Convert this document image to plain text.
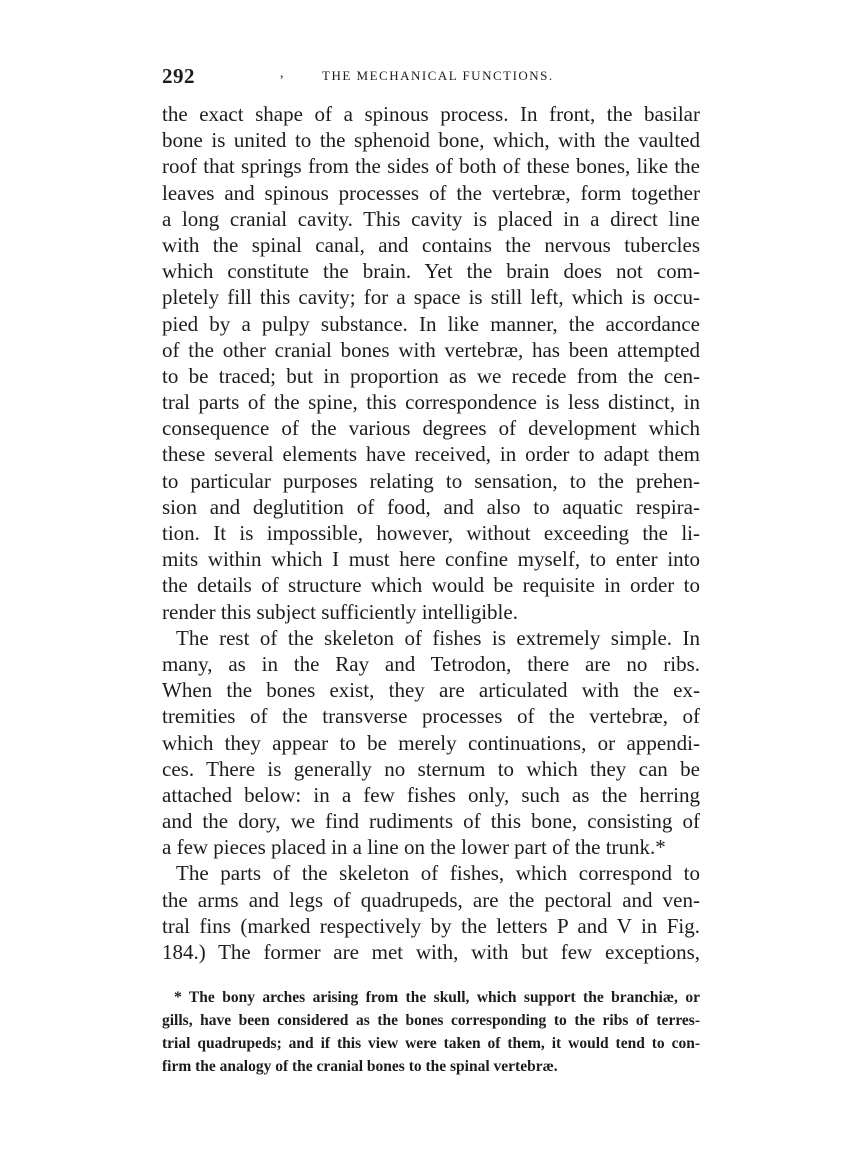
292	,	THE MECHANICAL FUNCTIONS.
the exact shape of a spinous process. In front, the basilar
bone is united to the sphenoid bone, which, with the vaulted
roof that springs from the sides of both of these bones, like the
leaves and spinous processes of the vertebræ, form together
a long cranial cavity. This cavity is placed in a direct line
with the spinal canal, and contains the nervous tubercles
which constitute the brain. Yet the brain does not com-
pletely fill this cavity; for a space is still left, which is occu-
pied by a pulpy substance. In like manner, the accordance
of the other cranial bones with vertebræ, has been attempted
to be traced; but in proportion as we recede from the cen-
tral parts of the spine, this correspondence is less distinct, in
consequence of the various degrees of development which
these several elements have received, in order to adapt them
to particular purposes relating to sensation, to the prehen-
sion and deglutition of food, and also to aquatic respira-
tion. It is impossible, however, without exceeding the li-
mits within which I must here confine myself, to enter into
the details of structure which would be requisite in order to
render this subject sufficiently intelligible.
The rest of the skeleton of fishes is extremely simple. In
many, as in the Ray and Tetrodon, there are no ribs.
When the bones exist, they are articulated with the ex-
tremities of the transverse processes of the vertebræ, of
which they appear to be merely continuations, or appendi-
ces. There is generally no sternum to which they can be
attached below: in a few fishes only, such as the herring
and the dory, we find rudiments of this bone, consisting of
a few pieces placed in a line on the lower part of the trunk.*
The parts of the skeleton of fishes, which correspond to
the arms and legs of quadrupeds, are the pectoral and ven-
tral fins (marked respectively by the letters P and V in Fig.
184.) The former are met with, with but few exceptions,
* The bony arches arising from the skull, which support the branchiæ, or
gills, have been considered as the bones corresponding to the ribs of terres-
trial quadrupeds; and if this view were taken of them, it would tend to con-
firm the analogy of the cranial bones to the spinal vertebræ.
